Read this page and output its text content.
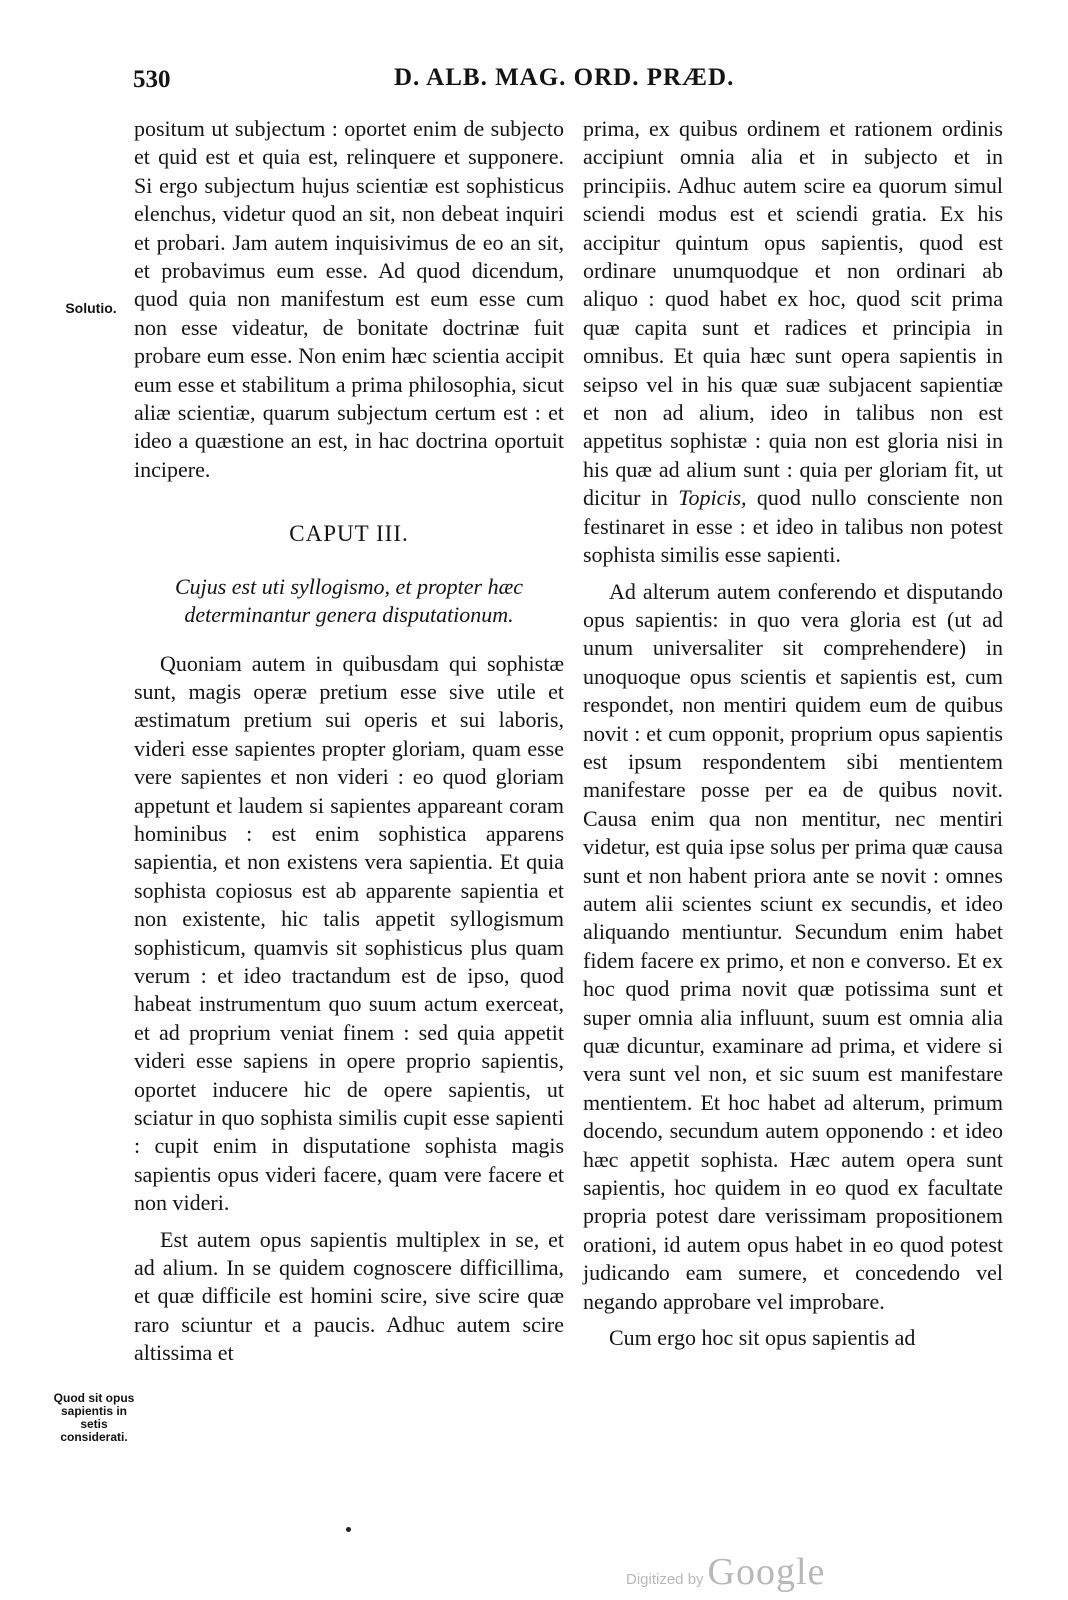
530	D. ALB. MAG. ORD. PRÆD.
Solutio.
Quod sit opus sapientis in setis considerati.

positum ut subjectum : oportet enim de subjecto et quid est et quia est, relinquere et supponere. Si ergo subjectum hujus scientiæ est sophisticus elenchus, videtur quod an sit, non debeat inquiri et probari. Jam autem inquisivimus de eo an sit, et probavimus eum esse. Ad quod dicendum, quod quia non manifestum est eum esse cum non esse videatur, de bonitate doctrinæ fuit probare eum esse. Non enim hæc scientia accipit eum esse et stabilitum a prima philosophia, sicut aliæ scientiæ, quarum subjectum certum est : et ideo a quæstione an est, in hac doctrina oportuit incipere.

CAPUT III.
Cujus est uti syllogismo, et propter hæc determinantur genera disputationum.

Quoniam autem in quibusdam qui sophistæ sunt, magis operæ pretium esse sive utile et æstimatum pretium sui operis et sui laboris, videri esse sapientes propter gloriam, quam esse vere sapientes et non videri : eo quod gloriam appetunt et laudem si sapientes appareant coram hominibus : est enim sophistica apparens sapientia, et non existens vera sapientia. Et quia sophista copiosus est ab apparente sapientia et non existente, hic talis appetit syllogismum sophisticum, quamvis sit sophisticus plus quam verum : et ideo tractandum est de ipso, quod habeat instrumentum quo suum actum exerceat, et ad proprium veniat finem : sed quia appetit videri esse sapiens in opere proprio sapientis, oportet inducere hic de opere sapientis, ut sciatur in quo sophista similis cupit esse sapienti : cupit enim in disputatione sophista magis sapientis opus videri facere, quam vere facere et non videri.

Est autem opus sapientis multiplex in se, et ad alium. In se quidem cognoscere difficillima, et quæ difficile est homini scire, sive scire quæ raro sciuntur et a paucis. Adhuc autem scire altissima et

prima, ex quibus ordinem et rationem ordinis accipiunt omnia alia et in subjecto et in principiis. Adhuc autem scire ea quorum simul sciendi modus est et sciendi gratia. Ex his accipitur quintum opus sapientis, quod est ordinare unumquodque et non ordinari ab aliquo : quod habet ex hoc, quod scit prima quæ capita sunt et radices et principia in omnibus. Et quia hæc sunt opera sapientis in seipso vel in his quæ suæ subjacent sapientiæ et non ad alium, ideo in talibus non est appetitus sophistæ : quia non est gloria nisi in his quæ ad alium sunt : quia per gloriam fit, ut dicitur in Topicis, quod nullo consciente non festinaret in esse : et ideo in talibus non potest sophista similis esse sapienti.

Ad alterum autem conferendo et disputando opus sapientis: in quo vera gloria est (ut ad unum universaliter sit comprehendere) in unoquoque opus scientis et sapientis est, cum respondet, non mentiri quidem eum de quibus novit : et cum opponit, proprium opus sapientis est ipsum respondentem sibi mentientem manifestare posse per ea de quibus novit. Causa enim qua non mentitur, nec mentiri videtur, est quia ipse solus per prima quæ causa sunt et non habent priora ante se novit : omnes autem alii scientes sciunt ex secundis, et ideo aliquando mentiuntur. Secundum enim habet fidem facere ex primo, et non e converso. Et ex hoc quod prima novit quæ potissima sunt et super omnia alia influunt, suum est omnia alia quæ dicuntur, examinare ad prima, et videre si vera sunt vel non, et sic suum est manifestare mentientem. Et hoc habet ad alterum, primum docendo, secundum autem opponendo : et ideo hæc appetit sophista. Hæc autem opera sunt sapientis, hoc quidem in eo quod ex facultate propria potest dare verissimam propositionem orationi, id autem opus habet in eo quod potest judicando eam sumere, et concedendo vel negando approbare vel improbare.

Cum ergo hoc sit opus sapientis ad

Digitized by Google
